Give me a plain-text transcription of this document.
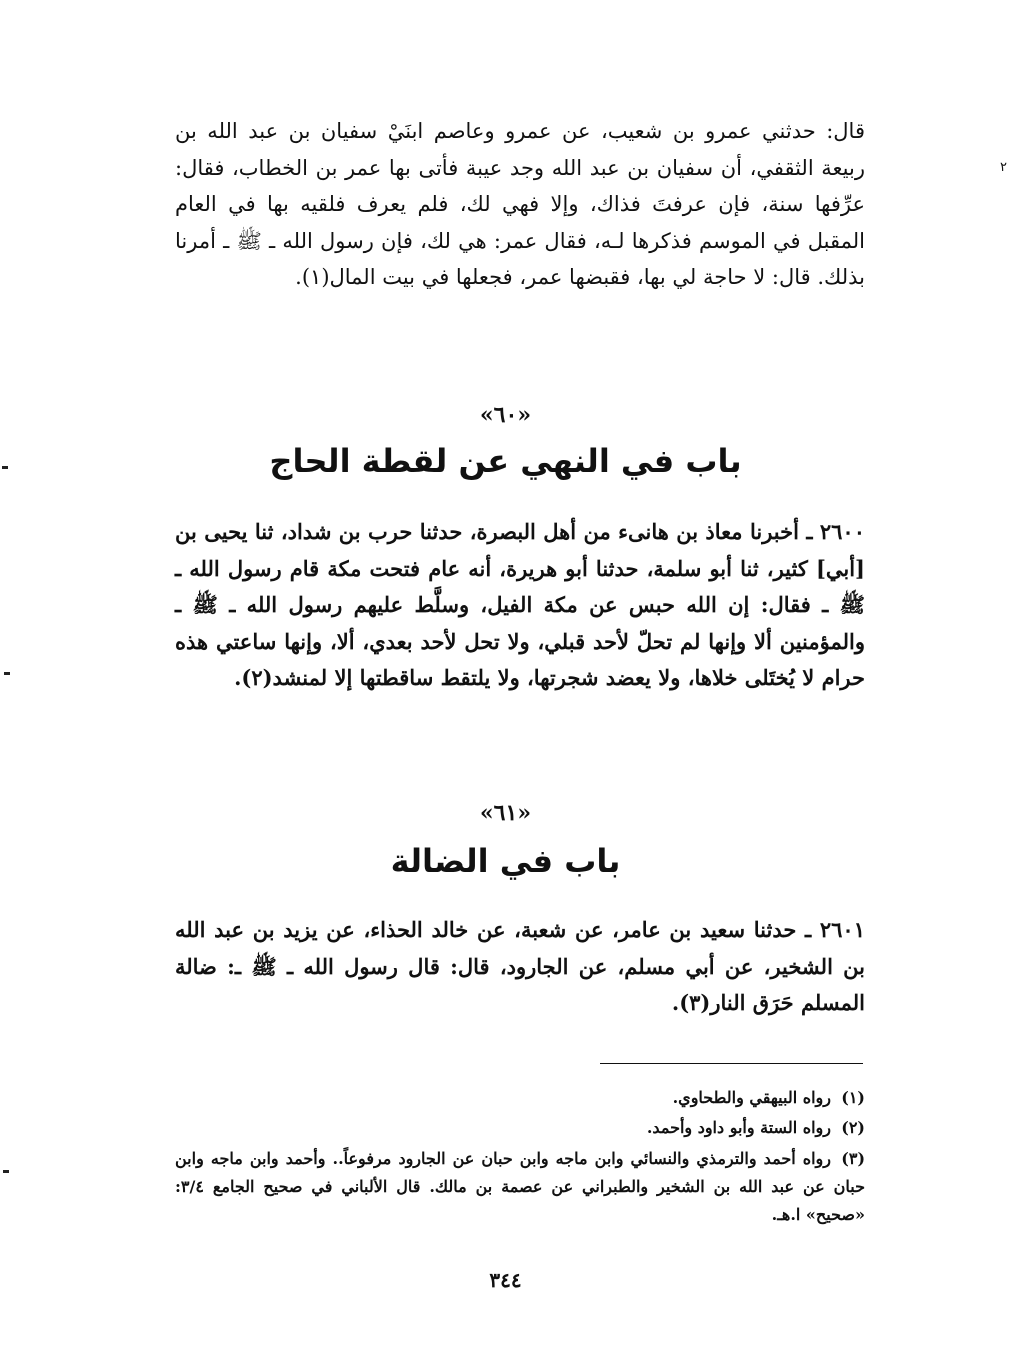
٢

قال: حدثني عمرو بن شعيب، عن عمرو وعاصم ابنَيْ سفيان بن عبد الله بن ربيعة الثقفي، أن سفيان بن عبد الله وجد عيبة فأتى بها عمر بن الخطاب، فقال: عرِّفها سنة، فإن عرفتَ فذاك، وإلا فهي لك، فلم يعرف فلقيه بها في العام المقبل في الموسم فذكرها لـه، فقال عمر: هي لك، فإن رسول الله ـ ﷺ ـ أمرنا بذلك. قال: لا حاجة لي بها، فقبضها عمر، فجعلها في بيت المال(١).

«٦٠»
باب في النهي عن لقطة الحاج

٢٦٠٠ ـ أخبرنا معاذ بن هانىء من أهل البصرة، حدثنا حرب بن شداد، ثنا يحيى بن [أبي] كثير، ثنا أبو سلمة، حدثنا أبو هريرة، أنه عام فتحت مكة قام رسول الله ـ ﷺ ـ فقال: إن الله حبس عن مكة الفيل، وسلَّط عليهم رسول الله ـ ﷺ ـ والمؤمنين ألا وإنها لم تحلّ لأحد قبلي، ولا تحل لأحد بعدي، ألا، وإنها ساعتي هذه حرام لا يُختَلى خلاها، ولا يعضد شجرتها، ولا يلتقط ساقطتها إلا لمنشد(٢).

«٦١»
باب في الضالة

٢٦٠١ ـ حدثنا سعيد بن عامر، عن شعبة، عن خالد الحذاء، عن يزيد بن عبد الله بن الشخير، عن أبي مسلم، عن الجارود، قال: قال رسول الله ـ ﷺ ـ: ضالة المسلم حَرَق النار(٣).

(١)رواه البيهقي والطحاوي.

(٢)رواه الستة وأبو داود وأحمد.

(٣)رواه أحمد والترمذي والنسائي وابن ماجه وابن حبان عن الجارود مرفوعاً.. وأحمد وابن ماجه وابن حبان عن عبد الله بن الشخير والطبراني عن عصمة بن مالك. قال الألباني في صحيح الجامع ٣/٤: «صحيح» ا.هـ.

٣٤٤
